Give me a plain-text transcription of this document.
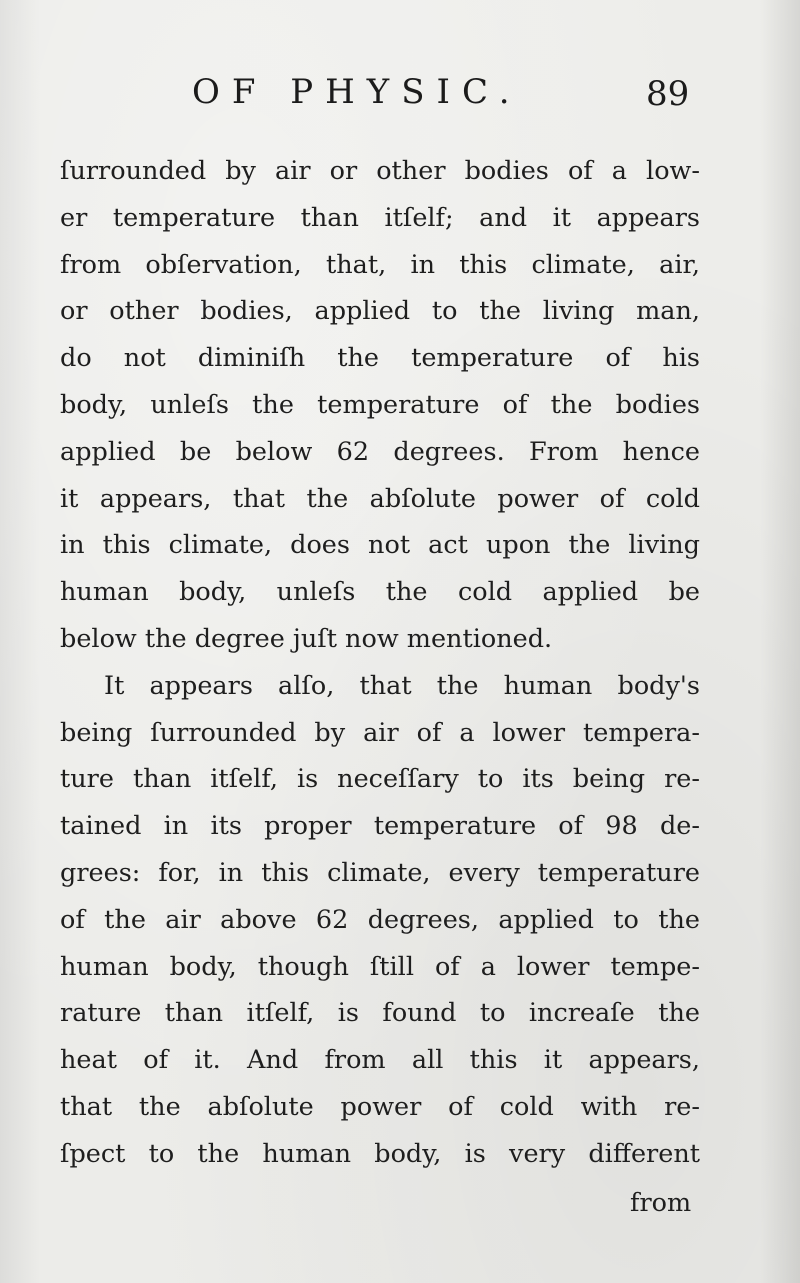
OF PHYSIC.	89
ſurrounded by air or other bodies of a low-
er temperature than itſelf; and it appears
from obſervation, that, in this climate, air,
or other bodies, applied to the living man,
do not diminiſh the temperature of his
body, unleſs the temperature of the bodies
applied be below 62 degrees. From hence
it appears, that the abſolute power of cold
in this climate, does not act upon the living
human body, unleſs the cold applied be
below the degree juſt now mentioned.
It appears alſo, that the human body's
being ſurrounded by air of a lower tempera-
ture than itſelf, is neceſſary to its being re-
tained in its proper temperature of 98 de-
grees: for, in this climate, every temperature
of the air above 62 degrees, applied to the
human body, though ſtill of a lower tempe-
rature than itſelf, is found to increaſe the
heat of it. And from all this it appears,
that the abſolute power of cold with re-
ſpect to the human body, is very different
from
